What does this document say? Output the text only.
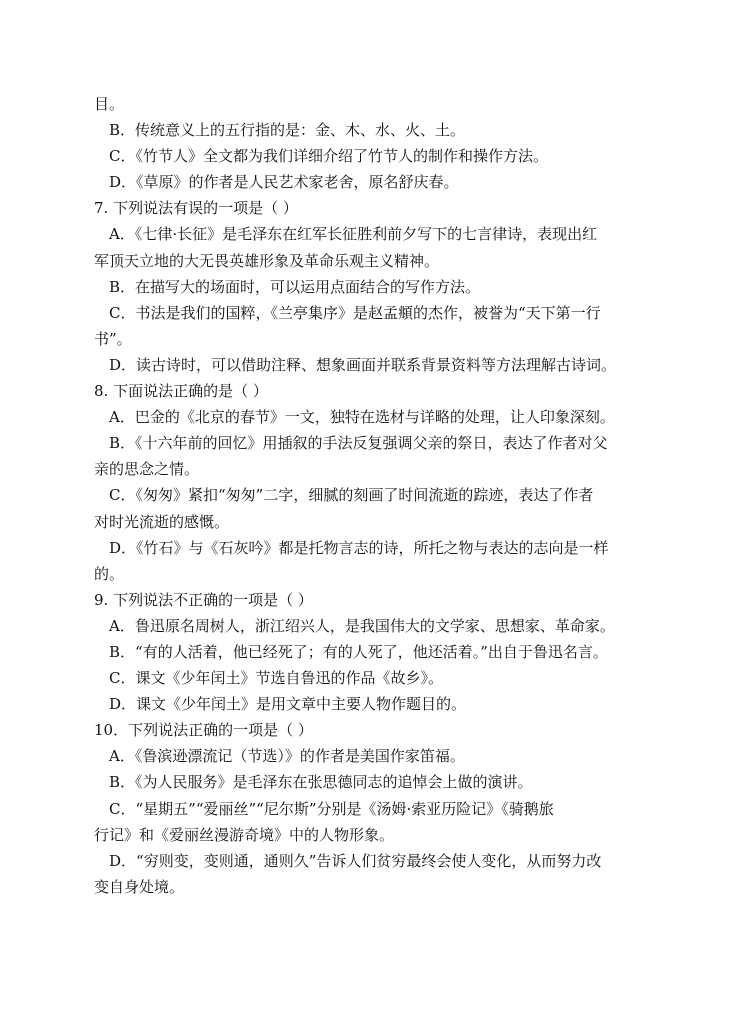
目。
B．传统意义上的五行指的是：金、木、水、火、土。
C．《竹节人》全文都为我们详细介绍了竹节人的制作和操作方法。
D．《草原》的作者是人民艺术家老舍，原名舒庆春。
7. 下列说法有误的一项是（ ）
A．《七律·长征》是毛泽东在红军长征胜利前夕写下的七言律诗，表现出红
军顶天立地的大无畏英雄形象及革命乐观主义精神。
B．在描写大的场面时，可以运用点面结合的写作方法。
C．书法是我们的国粹，《兰亭集序》是赵孟頫的杰作，被誉为“天下第一行
书”。
D．读古诗时，可以借助注释、想象画面并联系背景资料等方法理解古诗词。
8. 下面说法正确的是（ ）
A．巴金的《北京的春节》一文，独特在选材与详略的处理，让人印象深刻。
B．《十六年前的回忆》用插叙的手法反复强调父亲的祭日，表达了作者对父
亲的思念之情。
C．《匆匆》紧扣“匆匆”二字，细腻的刻画了时间流逝的踪迹，表达了作者
对时光流逝的感慨。
D．《竹石》与《石灰吟》都是托物言志的诗，所托之物与表达的志向是一样
的。
9. 下列说法不正确的一项是（ ）
A．鲁迅原名周树人，浙江绍兴人，是我国伟大的文学家、思想家、革命家。
B．“有的人活着，他已经死了；有的人死了，他还活着。”出自于鲁迅名言。
C．课文《少年闰土》节选自鲁迅的作品《故乡》。
D．课文《少年闰土》是用文章中主要人物作题目的。
10．下列说法正确的一项是（ ）
A．《鲁滨逊漂流记（节选）》的作者是美国作家笛福。
B．《为人民服务》是毛泽东在张思德同志的追悼会上做的演讲。
C．“星期五”“爱丽丝”“尼尔斯”分别是《汤姆·索亚历险记》《骑鹅旅
行记》和《爱丽丝漫游奇境》中的人物形象。
D．“穷则变，变则通，通则久”告诉人们贫穷最终会使人变化，从而努力改
变自身处境。
